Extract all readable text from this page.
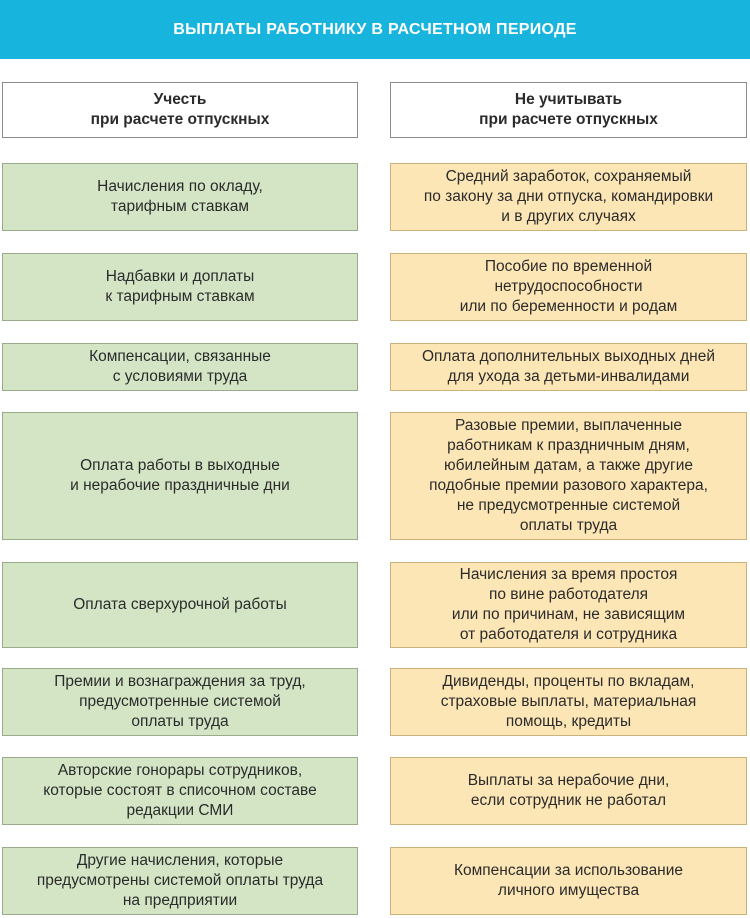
ВЫПЛАТЫ РАБОТНИКУ В РАСЧЕТНОМ ПЕРИОДЕ
Учесть
при расчете отпускных
Не учитывать
при расчете отпускных
Начисления по окладу,
тарифным ставкам
Средний заработок, сохраняемый
по закону за дни отпуска, командировки
и в других случаях
Надбавки и доплаты
к тарифным ставкам
Пособие по временной
нетрудоспособности
или по беременности и родам
Компенсации, связанные
с условиями труда
Оплата дополнительных выходных дней
для ухода за детьми-инвалидами
Оплата работы в выходные
и нерабочие праздничные дни
Разовые премии, выплаченные
работникам к праздничным дням,
юбилейным датам, а также другие
подобные премии разового характера,
не предусмотренные системой
оплаты труда
Оплата сверхурочной работы
Начисления за время простоя
по вине работодателя
или по причинам, не зависящим
от работодателя и сотрудника
Премии и вознаграждения за труд,
предусмотренные системой
оплаты труда
Дивиденды, проценты по вкладам,
страховые выплаты, материальная
помощь, кредиты
Авторские гонорары сотрудников,
которые состоят в списочном составе
редакции СМИ
Выплаты за нерабочие дни,
если сотрудник не работал
Другие начисления, которые
предусмотрены системой оплаты труда
на предприятии
Компенсации за использование
личного имущества
